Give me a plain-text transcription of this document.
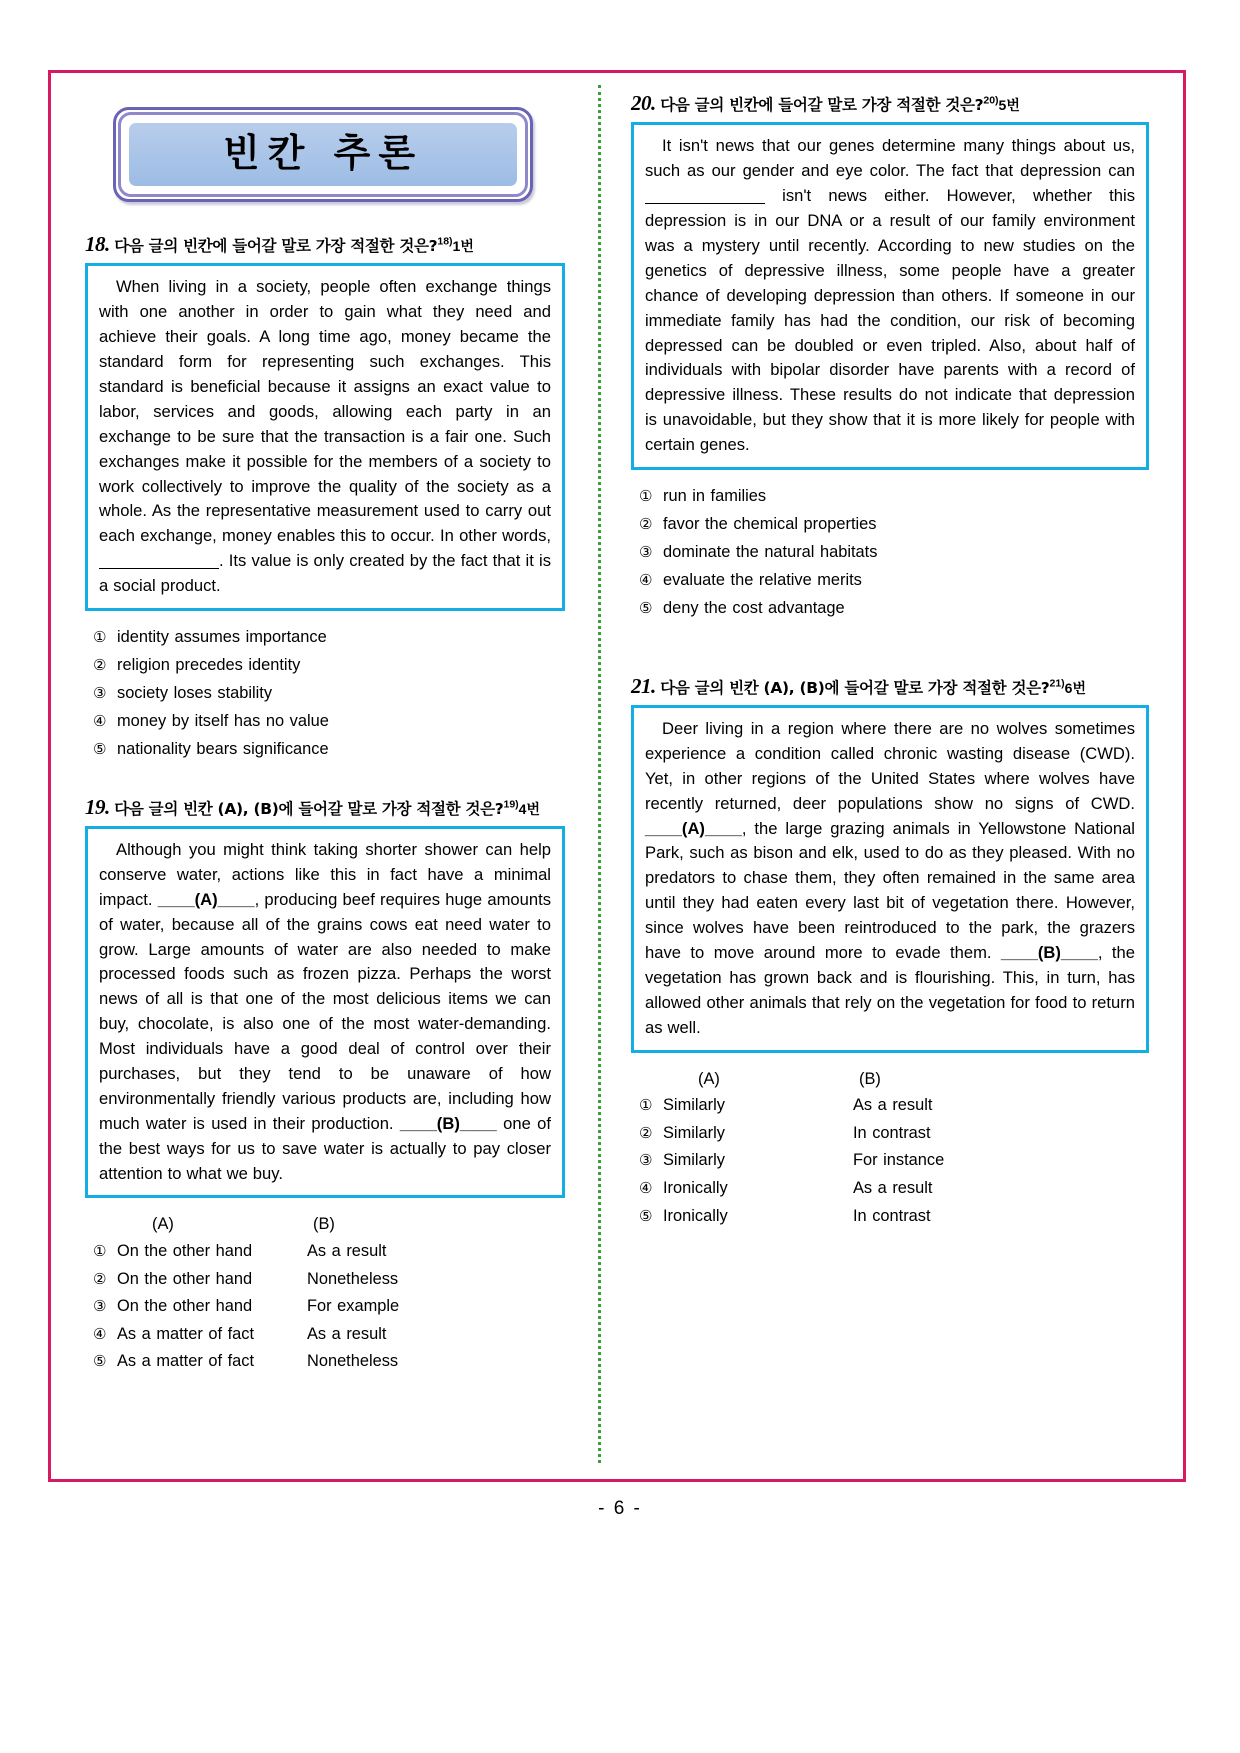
빈칸 추론
18. 다음 글의 빈칸에 들어갈 말로 가장 적절한 것은?$^{18)}$1번

When living in a society, people often exchange things with one another in order to gain what they need and achieve their goals. A long time ago, money became the standard form for representing such exchanges. This standard is beneficial because it assigns an exact value to labor, services and goods, allowing each party in an exchange to be sure that the transaction is a fair one. Such exchanges make it possible for the members of a society to work collectively to improve the quality of the society as a whole. As the representative measurement used to carry out each exchange, money enables this to occur. In other words, . Its value is only created by the fact that it is a social product.

① identity assumes importance
② religion precedes identity
③ society loses stability
④ money by itself has no value
⑤ nationality bears significance
19. 다음 글의 빈칸 (A), (B)에 들어갈 말로 가장 적절한 것은?$^{19)}$4번

Although you might think taking shorter shower can help conserve water, actions like this in fact have a minimal impact. ____(A)____, producing beef requires huge amounts of water, because all of the grains cows eat need water to grow. Large amounts of water are also needed to make processed foods such as frozen pizza. Perhaps the worst news of all is that one of the most delicious items we can buy, chocolate, is also one of the most water-demanding. Most individuals have a good deal of control over their purchases, but they tend to be unaware of how environmentally friendly various products are, including how much water is used in their production. ____(B)____ one of the best ways for us to save water is actually to pay closer attention to what we buy.

(A)	(B)
① On the other hand	As a result
② On the other hand	Nonetheless
③ On the other hand	For example
④ As a matter of fact	As a result
⑤ As a matter of fact	Nonetheless
20. 다음 글의 빈칸에 들어갈 말로 가장 적절한 것은?$^{20)}$5번

It isn't news that our genes determine many things about us, such as our gender and eye color. The fact that depression can  isn't news either. However, whether this depression is in our DNA or a result of our family environment was a mystery until recently. According to new studies on the genetics of depressive illness, some people have a greater chance of developing depression than others. If someone in our immediate family has had the condition, our risk of becoming depressed can be doubled or even tripled. Also, about half of individuals with bipolar disorder have parents with a record of depressive illness. These results do not indicate that depression is unavoidable, but they show that it is more likely for people with certain genes.

① run in families
② favor the chemical properties
③ dominate the natural habitats
④ evaluate the relative merits
⑤ deny the cost advantage
21. 다음 글의 빈칸 (A), (B)에 들어갈 말로 가장 적절한 것은?$^{21)}$6번

Deer living in a region where there are no wolves sometimes experience a condition called chronic wasting disease (CWD). Yet, in other regions of the United States where wolves have recently returned, deer populations show no signs of CWD. ____(A)____, the large grazing animals in Yellowstone National Park, such as bison and elk, used to do as they pleased. With no predators to chase them, they often remained in the same area until they had eaten every last bit of vegetation there. However, since wolves have been reintroduced to the park, the grazers have to move around more to evade them. ____(B)____, the vegetation has grown back and is flourishing. This, in turn, has allowed other animals that rely on the vegetation for food to return as well.

(A)	(B)
① Similarly	As a result
② Similarly	In contrast
③ Similarly	For instance
④ Ironically	As a result
⑤ Ironically	In contrast
- 6 -
